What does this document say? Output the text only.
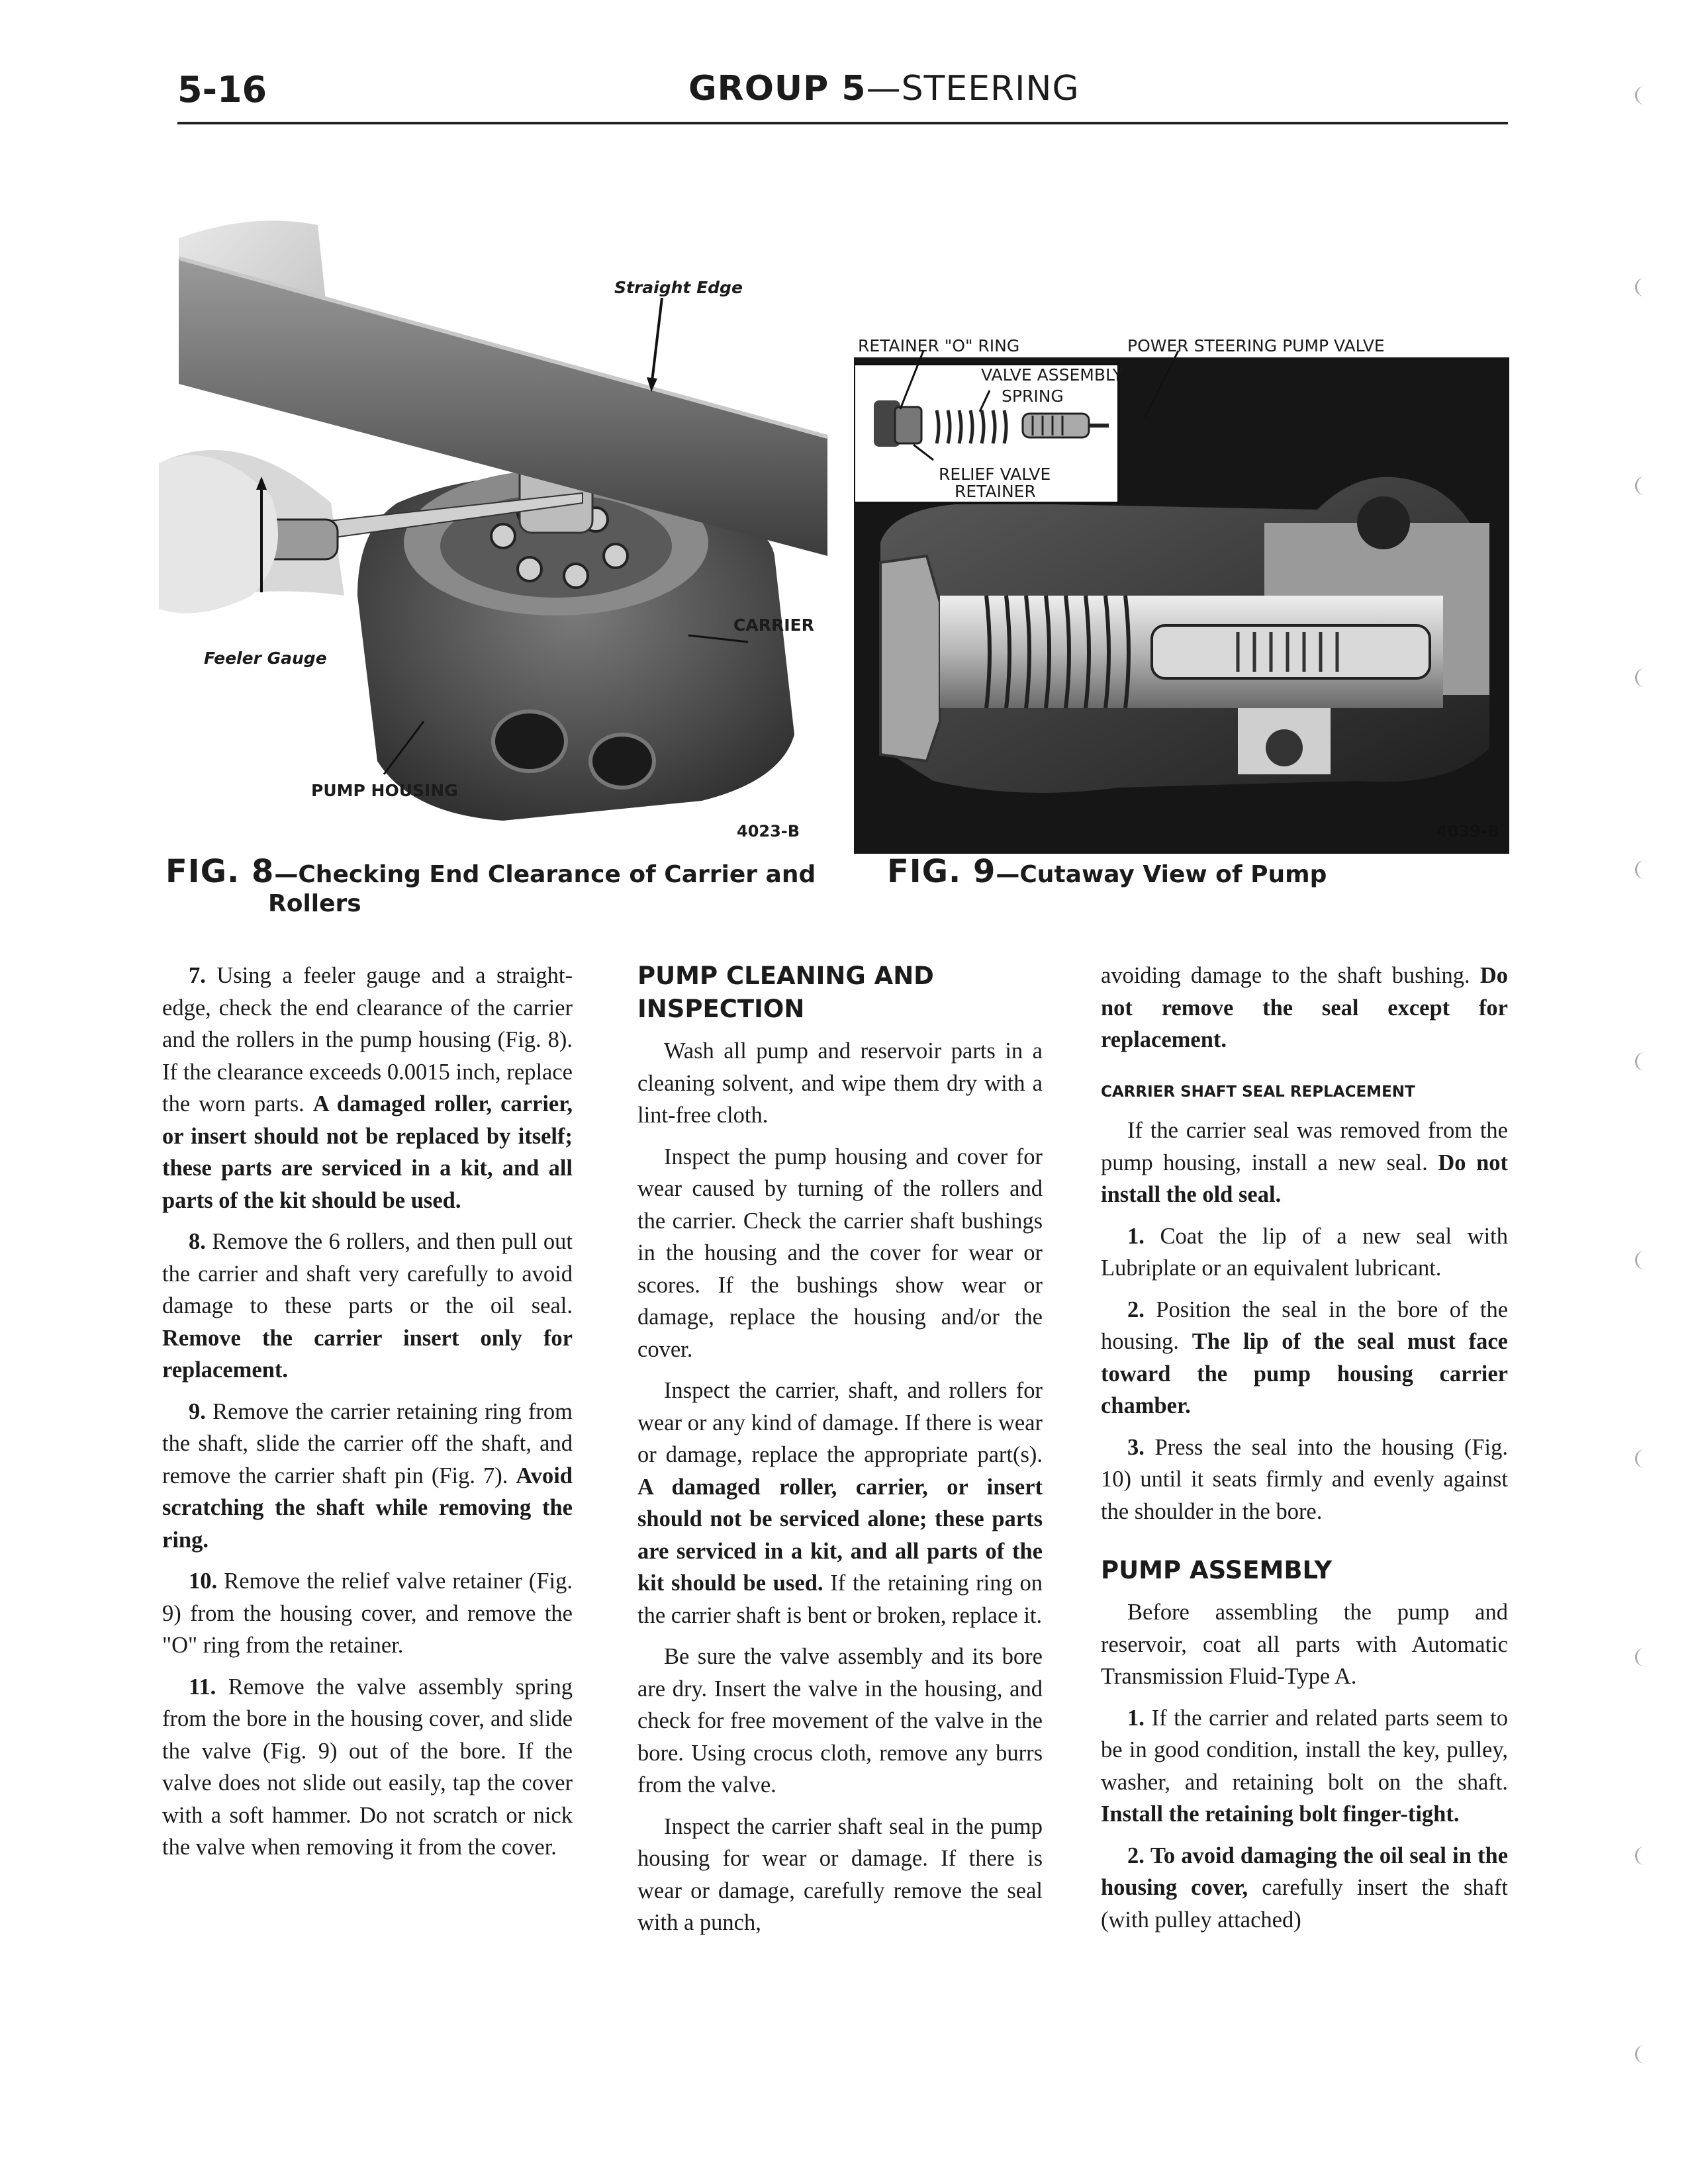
5-16	GROUP 5—STEERING
Straight Edge
Feeler Gauge
CARRIER
PUMP HOUSING
4023-B
FIG. 8—Checking End Clearance of Carrier and
Rollers
RETAINER "O" RING	POWER STEERING PUMP VALVE
VALVE ASSEMBLY
SPRING
RELIEF VALVE
RETAINER
4039-B
FIG. 9—Cutaway View of Pump

7. Using a feeler gauge and a straight-edge, check the end clearance of the carrier and the rollers in the pump housing (Fig. 8). If the clearance exceeds 0.0015 inch, replace the worn parts. A damaged roller, carrier, or insert should not be replaced by itself; these parts are serviced in a kit, and all parts of the kit should be used.

8. Remove the 6 rollers, and then pull out the carrier and shaft very carefully to avoid damage to these parts or the oil seal. Remove the carrier insert only for replacement.

9. Remove the carrier retaining ring from the shaft, slide the carrier off the shaft, and remove the carrier shaft pin (Fig. 7). Avoid scratching the shaft while removing the ring.

10. Remove the relief valve retainer (Fig. 9) from the housing cover, and remove the "O" ring from the retainer.

11. Remove the valve assembly spring from the bore in the housing cover, and slide the valve (Fig. 9) out of the bore. If the valve does not slide out easily, tap the cover with a soft hammer. Do not scratch or nick the valve when removing it from the cover.

PUMP CLEANING AND INSPECTION

Wash all pump and reservoir parts in a cleaning solvent, and wipe them dry with a lint-free cloth.

Inspect the pump housing and cover for wear caused by turning of the rollers and the carrier. Check the carrier shaft bushings in the housing and the cover for wear or scores. If the bushings show wear or damage, replace the housing and/or the cover.

Inspect the carrier, shaft, and rollers for wear or any kind of damage. If there is wear or damage, replace the appropriate part(s). A damaged roller, carrier, or insert should not be serviced alone; these parts are serviced in a kit, and all parts of the kit should be used. If the retaining ring on the carrier shaft is bent or broken, replace it.

Be sure the valve assembly and its bore are dry. Insert the valve in the housing, and check for free movement of the valve in the bore. Using crocus cloth, remove any burrs from the valve.

Inspect the carrier shaft seal in the pump housing for wear or damage. If there is wear or damage, carefully remove the seal with a punch,

avoiding damage to the shaft bushing. Do not remove the seal except for replacement.

CARRIER SHAFT SEAL REPLACEMENT

If the carrier seal was removed from the pump housing, install a new seal. Do not install the old seal.

1. Coat the lip of a new seal with Lubriplate or an equivalent lubricant.

2. Position the seal in the bore of the housing. The lip of the seal must face toward the pump housing carrier chamber.

3. Press the seal into the housing (Fig. 10) until it seats firmly and evenly against the shoulder in the bore.

PUMP ASSEMBLY

Before assembling the pump and reservoir, coat all parts with Automatic Transmission Fluid-Type A.

1. If the carrier and related parts seem to be in good condition, install the key, pulley, washer, and retaining bolt on the shaft. Install the retaining bolt finger-tight.

2. To avoid damaging the oil seal in the housing cover, carefully insert the shaft (with pulley attached)
